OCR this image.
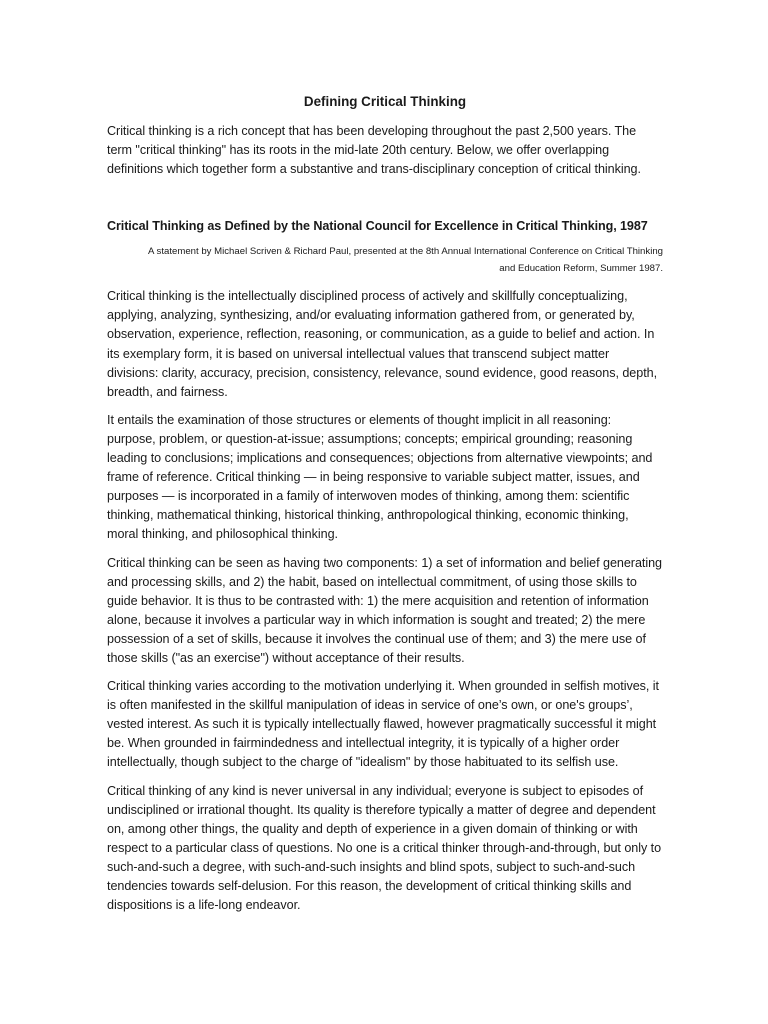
Defining Critical Thinking

Critical thinking is a rich concept that has been developing throughout the past 2,500 years. The term "critical thinking" has its roots in the mid-late 20th century. Below, we offer overlapping definitions which together form a substantive and trans-disciplinary conception of critical thinking.

Critical Thinking as Defined by the National Council for Excellence in Critical Thinking, 1987

A statement by Michael Scriven & Richard Paul, presented at the 8th Annual International Conference on Critical Thinking and Education Reform, Summer 1987.

Critical thinking is the intellectually disciplined process of actively and skillfully conceptualizing, applying, analyzing, synthesizing, and/or evaluating information gathered from, or generated by, observation, experience, reflection, reasoning, or communication, as a guide to belief and action. In its exemplary form, it is based on universal intellectual values that transcend subject matter divisions: clarity, accuracy, precision, consistency, relevance, sound evidence, good reasons, depth, breadth, and fairness.

It entails the examination of those structures or elements of thought implicit in all reasoning: purpose, problem, or question-at-issue; assumptions; concepts; empirical grounding; reasoning leading to conclusions; implications and consequences; objections from alternative viewpoints; and frame of reference. Critical thinking — in being responsive to variable subject matter, issues, and purposes — is incorporated in a family of interwoven modes of thinking, among them: scientific thinking, mathematical thinking, historical thinking, anthropological thinking, economic thinking, moral thinking, and philosophical thinking.

Critical thinking can be seen as having two components: 1) a set of information and belief generating and processing skills, and 2) the habit, based on intellectual commitment, of using those skills to guide behavior. It is thus to be contrasted with: 1) the mere acquisition and retention of information alone, because it involves a particular way in which information is sought and treated; 2) the mere possession of a set of skills, because it involves the continual use of them; and 3) the mere use of those skills ("as an exercise") without acceptance of their results.

Critical thinking varies according to the motivation underlying it. When grounded in selfish motives, it is often manifested in the skillful manipulation of ideas in service of one’s own, or one's groups’, vested interest. As such it is typically intellectually flawed, however pragmatically successful it might be. When grounded in fairmindedness and intellectual integrity, it is typically of a higher order intellectually, though subject to the charge of "idealism" by those habituated to its selfish use.

Critical thinking of any kind is never universal in any individual; everyone is subject to episodes of undisciplined or irrational thought. Its quality is therefore typically a matter of degree and dependent on, among other things, the quality and depth of experience in a given domain of thinking or with respect to a particular class of questions. No one is a critical thinker through-and-through, but only to such-and-such a degree, with such-and-such insights and blind spots, subject to such-and-such tendencies towards self-delusion. For this reason, the development of critical thinking skills and dispositions is a life-long endeavor.
